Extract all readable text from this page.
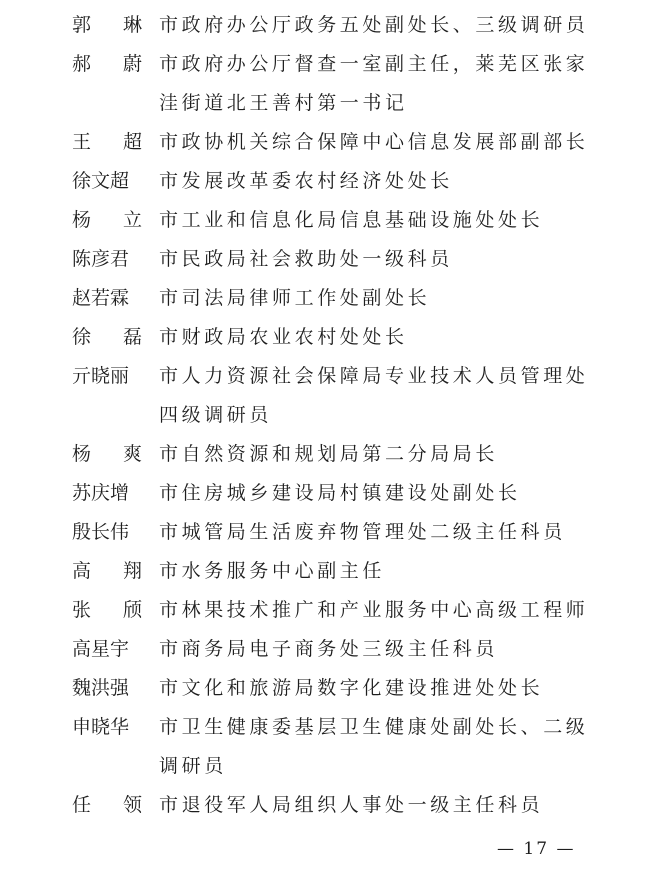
郭 琳 市政府办公厅政务五处副处长、三级调研员
郝 蔚 市政府办公厅督查一室副主任，莱芜区张家洼街道北王善村第一书记
王 超 市政协机关综合保障中心信息发展部副部长
徐文超	市发展改革委农村经济处处长
杨 立 市工业和信息化局信息基础设施处处长
陈彦君	市民政局社会救助处一级科员
赵若霖	市司法局律师工作处副处长
徐 磊 市财政局农业农村处处长
亓晓丽	市人力资源社会保障局专业技术人员管理处四级调研员
杨 爽 市自然资源和规划局第二分局局长
苏庆增	市住房城乡建设局村镇建设处副处长
殷长伟	市城管局生活废弃物管理处二级主任科员
高 翔 市水务服务中心副主任
张 颀 市林果技术推广和产业服务中心高级工程师
高星宇	市商务局电子商务处三级主任科员
魏洪强	市文化和旅游局数字化建设推进处处长
申晓华	市卫生健康委基层卫生健康处副处长、二级调研员
任 领 市退役军人局组织人事处一级主任科员
— 17 —
